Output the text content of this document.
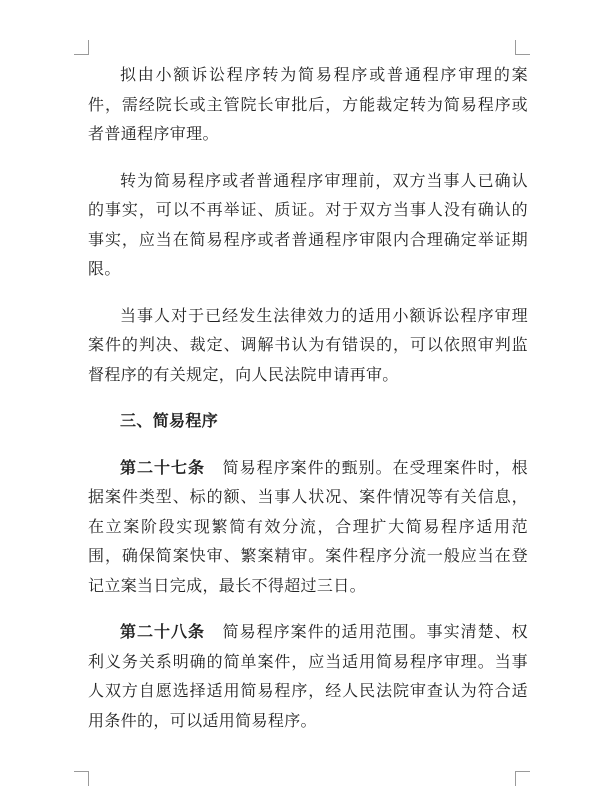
拟由小额诉讼程序转为简易程序或普通程序审理的案件，需经院长或主管院长审批后，方能裁定转为简易程序或者普通程序审理。

转为简易程序或者普通程序审理前，双方当事人已确认的事实，可以不再举证、质证。对于双方当事人没有确认的事实，应当在简易程序或者普通程序审限内合理确定举证期限。

当事人对于已经发生法律效力的适用小额诉讼程序审理案件的判决、裁定、调解书认为有错误的，可以依照审判监督程序的有关规定，向人民法院申请再审。

三、简易程序

第二十七条 简易程序案件的甄别。在受理案件时，根据案件类型、标的额、当事人状况、案件情况等有关信息，在立案阶段实现繁简有效分流，合理扩大简易程序适用范围，确保简案快审、繁案精审。案件程序分流一般应当在登记立案当日完成，最长不得超过三日。

第二十八条 简易程序案件的适用范围。事实清楚、权利义务关系明确的简单案件，应当适用简易程序审理。当事人双方自愿选择适用简易程序，经人民法院审查认为符合适用条件的，可以适用简易程序。
